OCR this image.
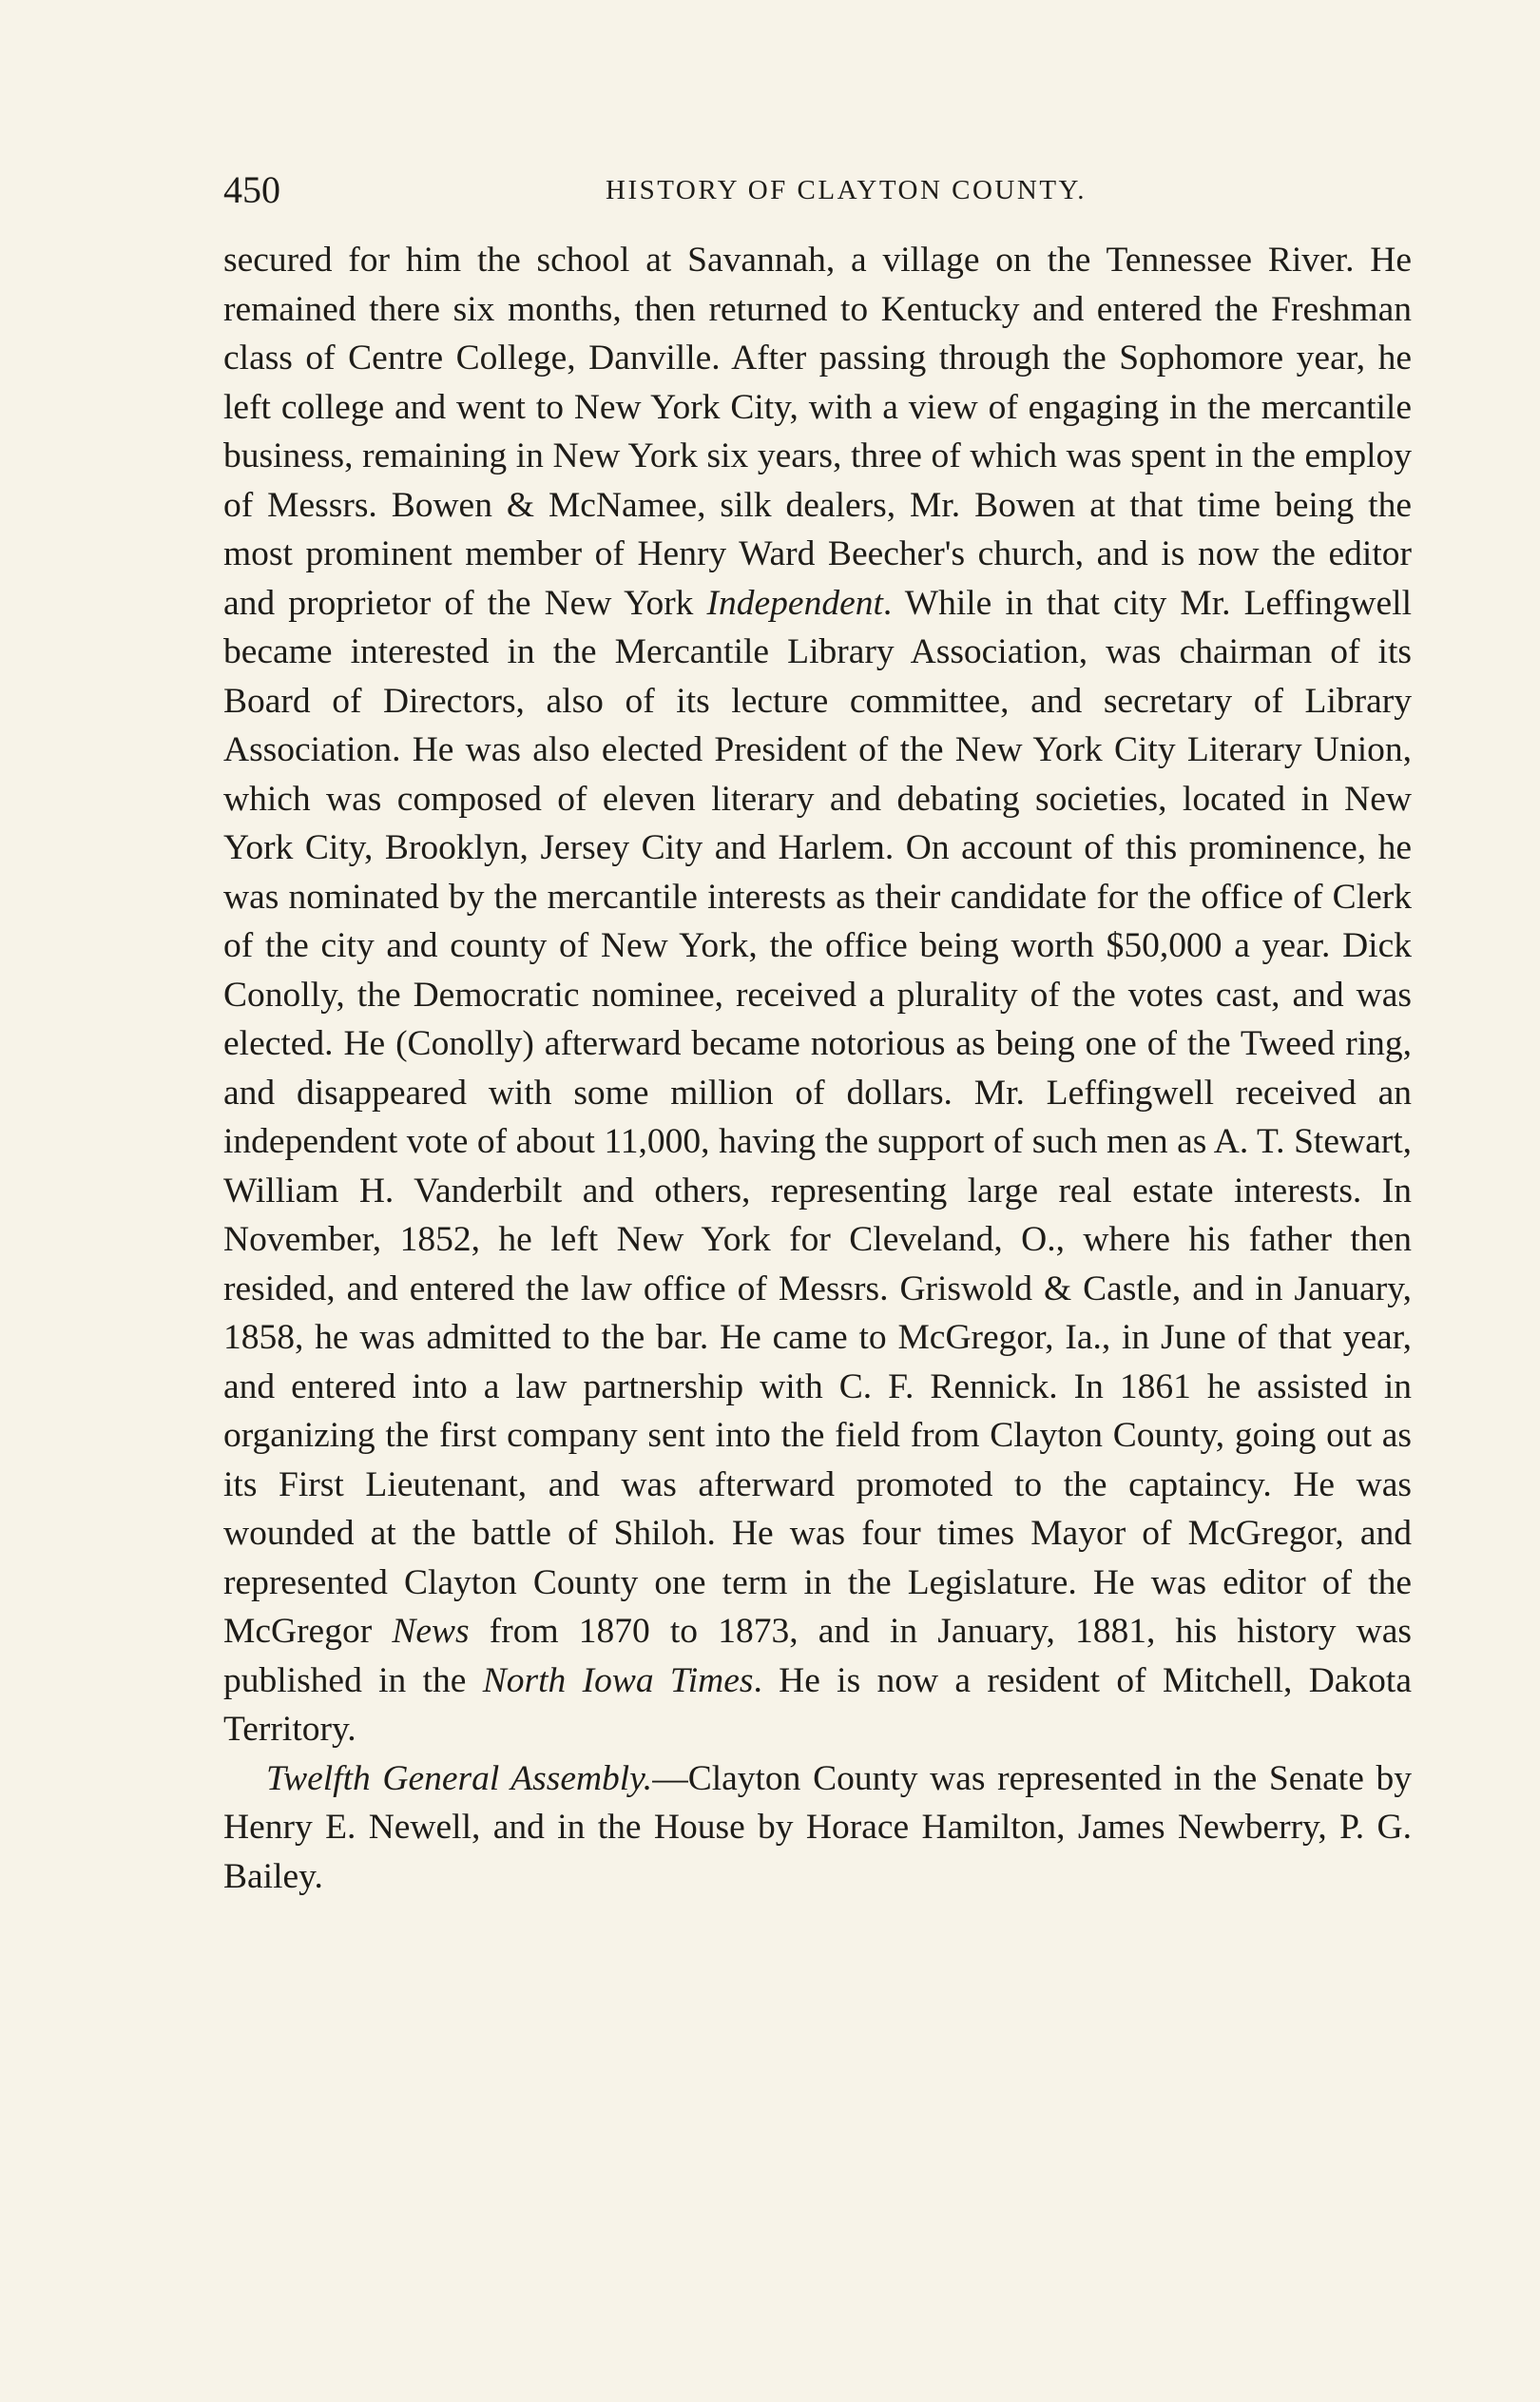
450	HISTORY OF CLAYTON COUNTY.

secured for him the school at Savannah, a village on the Tennessee River. He remained there six months, then returned to Kentucky and entered the Freshman class of Centre College, Danville. After passing through the Sophomore year, he left college and went to New York City, with a view of engaging in the mercantile business, remaining in New York six years, three of which was spent in the employ of Messrs. Bowen & McNamee, silk dealers, Mr. Bowen at that time being the most prominent member of Henry Ward Beecher's church, and is now the editor and proprietor of the New York Independent. While in that city Mr. Leffingwell became interested in the Mercantile Library Association, was chairman of its Board of Directors, also of its lecture committee, and secretary of Library Association. He was also elected President of the New York City Literary Union, which was composed of eleven literary and debating societies, located in New York City, Brooklyn, Jersey City and Harlem. On account of this prominence, he was nominated by the mercantile interests as their candidate for the office of Clerk of the city and county of New York, the office being worth $50,000 a year. Dick Conolly, the Democratic nominee, received a plurality of the votes cast, and was elected. He (Conolly) afterward became notorious as being one of the Tweed ring, and disappeared with some million of dollars. Mr. Leffingwell received an independent vote of about 11,000, having the support of such men as A. T. Stewart, William H. Vanderbilt and others, representing large real estate interests. In November, 1852, he left New York for Cleveland, O., where his father then resided, and entered the law office of Messrs. Griswold & Castle, and in January, 1858, he was admitted to the bar. He came to McGregor, Ia., in June of that year, and entered into a law partnership with C. F. Rennick. In 1861 he assisted in organizing the first company sent into the field from Clayton County, going out as its First Lieutenant, and was afterward promoted to the captaincy. He was wounded at the battle of Shiloh. He was four times Mayor of McGregor, and represented Clayton County one term in the Legislature. He was editor of the McGregor News from 1870 to 1873, and in January, 1881, his history was published in the North Iowa Times. He is now a resident of Mitchell, Dakota Territory.

Twelfth General Assembly.—Clayton County was represented in the Senate by Henry E. Newell, and in the House by Horace Hamilton, James Newberry, P. G. Bailey.
